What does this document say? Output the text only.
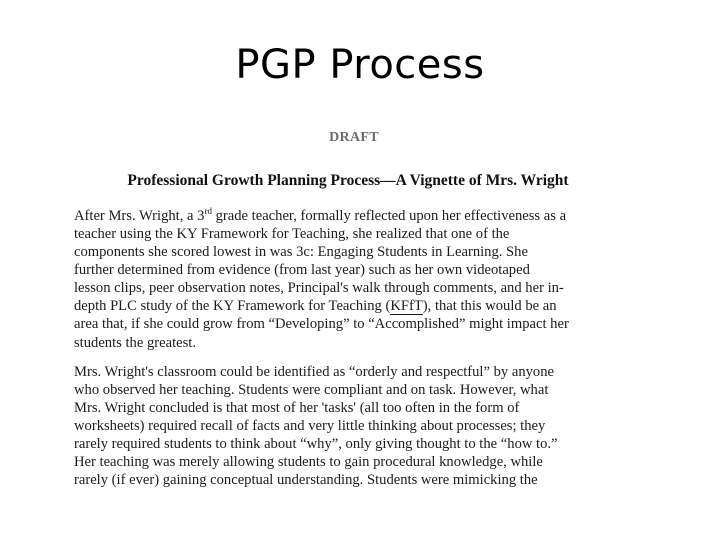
PGP Process
DRAFT
Professional Growth Planning Process—A Vignette of Mrs. Wright

After Mrs. Wright, a 3rd grade teacher, formally reflected upon her effectiveness as a
teacher using the KY Framework for Teaching, she realized that one of the
components she scored lowest in was 3c: Engaging Students in Learning. She
further determined from evidence (from last year) such as her own videotaped
lesson clips, peer observation notes, Principal's walk through comments, and her in-
depth PLC study of the KY Framework for Teaching (KFfT), that this would be an
area that, if she could grow from “Developing” to “Accomplished” might impact her
students the greatest.

Mrs. Wright's classroom could be identified as “orderly and respectful” by anyone
who observed her teaching. Students were compliant and on task. However, what
Mrs. Wright concluded is that most of her 'tasks' (all too often in the form of
worksheets) required recall of facts and very little thinking about processes; they
rarely required students to think about “why”, only giving thought to the “how to.”
Her teaching was merely allowing students to gain procedural knowledge, while
rarely (if ever) gaining conceptual understanding. Students were mimicking the
